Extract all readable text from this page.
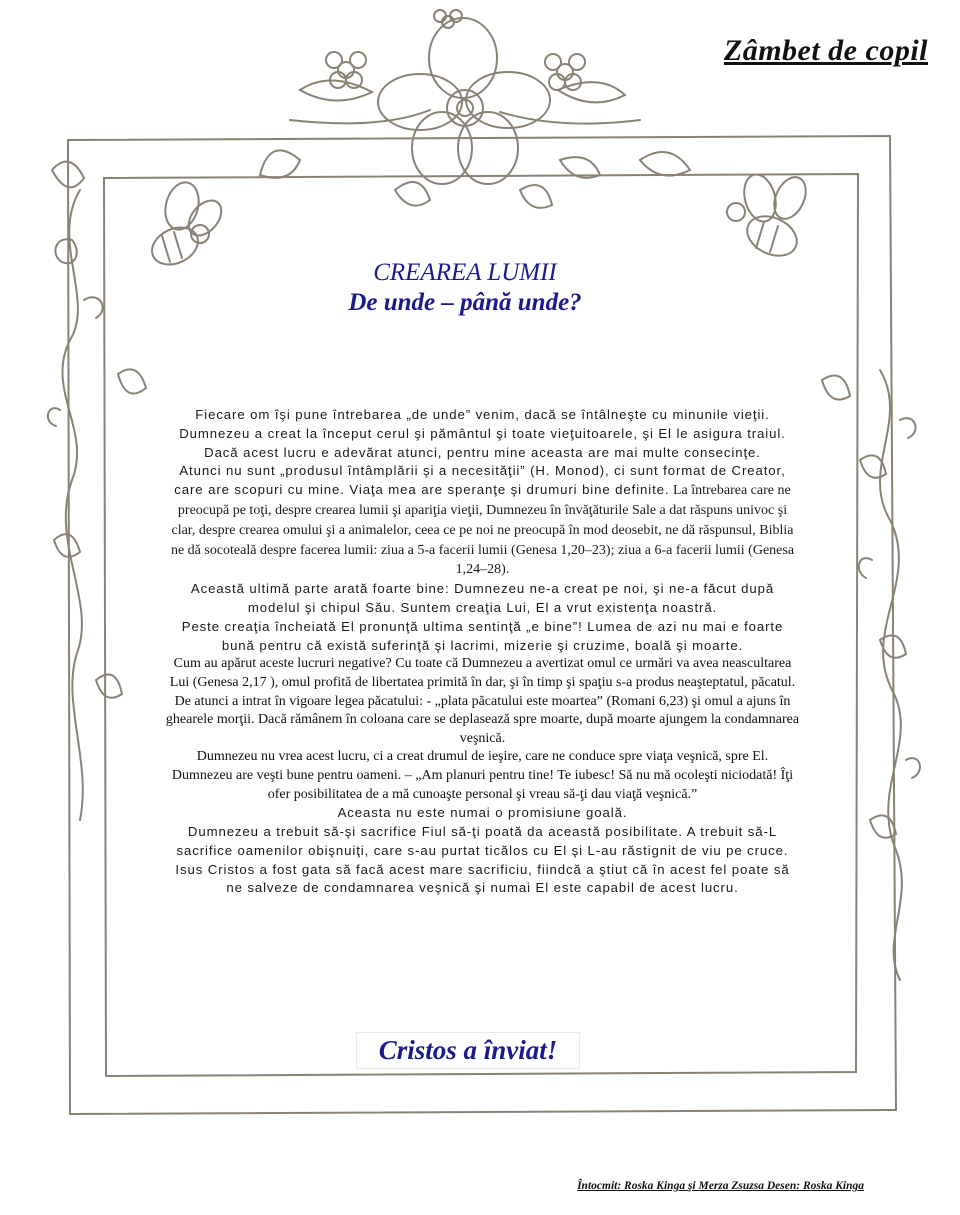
Zâmbet de copil
CREAREA LUMII
De unde – până unde?

Fiecare om îşi pune întrebarea „de unde” venim, dacă se întâlneşte cu minunile vieţii.

Dumnezeu a creat la început cerul şi pământul şi toate vieţuitoarele, şi El le asigura traiul. Dacă acest lucru e adevărat atunci, pentru mine aceasta are mai multe consecinţe.

Atunci nu sunt „produsul întâmplării şi a necesităţii” (H. Monod), ci sunt format de Creator, care are scopuri cu mine. Viaţa mea are speranţe şi drumuri bine definite. La întrebarea care ne preocupă pe toţi, despre crearea lumii şi apariţia vieţii, Dumnezeu în învăţăturile Sale a dat răspuns univoc şi clar, despre crearea omului şi a animalelor, ceea ce pe noi ne preocupă în mod deosebit, ne dă răspunsul, Biblia ne dă socoteală despre facerea lumii: ziua a 5-a facerii lumii (Genesa 1,20–23); ziua a 6-a facerii lumii (Genesa 1,24–28).

Această ultimă parte arată foarte bine: Dumnezeu ne-a creat pe noi, şi ne-a făcut după modelul şi chipul Său. Suntem creaţia Lui, El a vrut existenţa noastră.

Peste creaţia încheiată El pronunţă ultima sentinţă „e bine”! Lumea de azi nu mai e foarte bună pentru că există suferinţă şi lacrimi, mizerie şi cruzime, boală şi moarte.

Cum au apărut aceste lucruri negative? Cu toate că Dumnezeu a avertizat omul ce urmări va avea neascultarea Lui (Genesa 2,17 ), omul profită de libertatea primită în dar, şi în timp şi spaţiu s-a produs neaşteptatul, păcatul. De atunci a intrat în vigoare legea păcatului: - „plata păcatului este moartea” (Romani 6,23) şi omul a ajuns în ghearele morţii. Dacă rămânem în coloana care se deplasează spre moarte, după moarte ajungem la condamnarea veşnică.

Dumnezeu nu vrea acest lucru, ci a creat drumul de ieşire, care ne conduce spre viaţa veşnică, spre El. Dumnezeu are veşti bune pentru oameni. – „Am planuri pentru tine! Te iubesc! Să nu mă ocoleşti niciodată! Îţi ofer posibilitatea de a mă cunoaşte personal şi vreau să-ţi dau viaţă veşnică.”

Aceasta nu este numai o promisiune goală.

Dumnezeu a trebuit să-şi sacrifice Fiul să-ţi poată da această posibilitate. A trebuit să-L sacrifice oamenilor obişnuiţi, care s-au purtat ticălos cu El şi L-au răstignit de viu pe cruce.

Isus Cristos a fost gata să facă acest mare sacrificiu, fiindcă a ştiut că în acest fel poate să ne salveze de condamnarea veşnică şi numai El este capabil de acest lucru.

Cristos a înviat!
Întocmit: Roska Kinga şi Merza Zsuzsa Desen: Roska Kinga
